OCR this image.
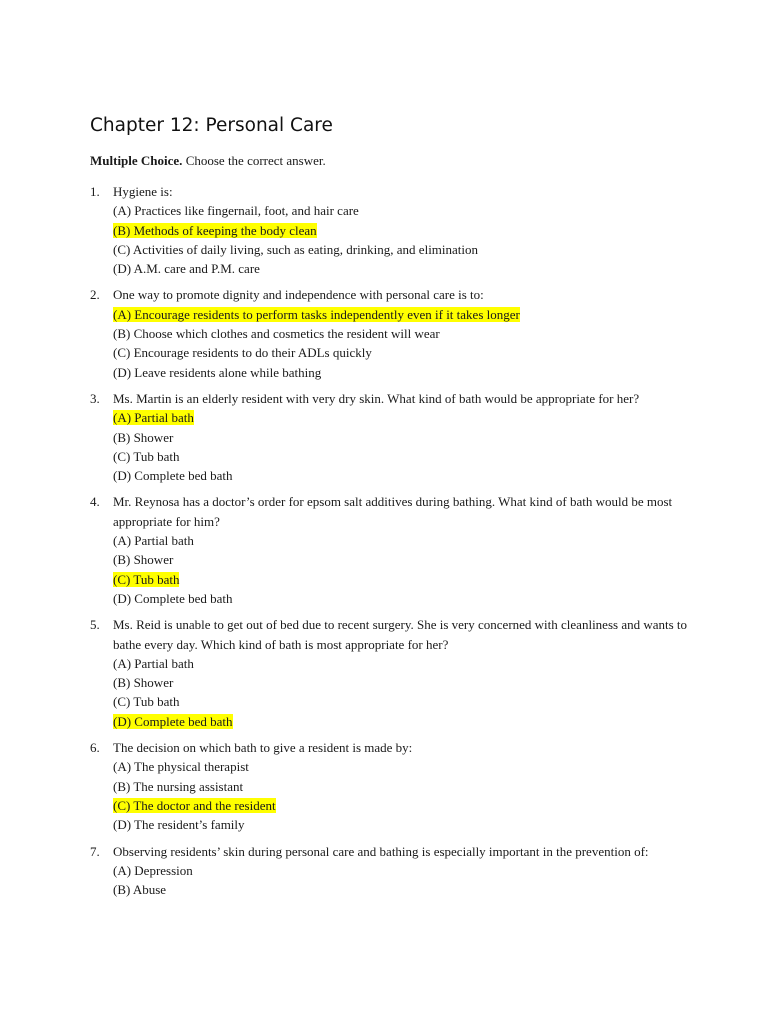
Chapter 12: Personal Care

Multiple Choice. Choose the correct answer.

1. Hygiene is:
(A) Practices like fingernail, foot, and hair care
(B) Methods of keeping the body clean
(C) Activities of daily living, such as eating, drinking, and elimination
(D) A.M. care and P.M. care
2. One way to promote dignity and independence with personal care is to:
(A) Encourage residents to perform tasks independently even if it takes longer
(B) Choose which clothes and cosmetics the resident will wear
(C) Encourage residents to do their ADLs quickly
(D) Leave residents alone while bathing
3. Ms. Martin is an elderly resident with very dry skin. What kind of bath would be appropriate for her?
(A) Partial bath
(B) Shower
(C) Tub bath
(D) Complete bed bath
4. Mr. Reynosa has a doctor’s order for epsom salt additives during bathing. What kind of bath would be most appropriate for him?
(A) Partial bath
(B) Shower
(C) Tub bath
(D) Complete bed bath
5. Ms. Reid is unable to get out of bed due to recent surgery. She is very concerned with cleanliness and wants to bathe every day. Which kind of bath is most appropriate for her?
(A) Partial bath
(B) Shower
(C) Tub bath
(D) Complete bed bath
6. The decision on which bath to give a resident is made by:
(A) The physical therapist
(B) The nursing assistant
(C) The doctor and the resident
(D) The resident’s family
7. Observing residents’ skin during personal care and bathing is especially important in the prevention of:
(A) Depression
(B) Abuse
